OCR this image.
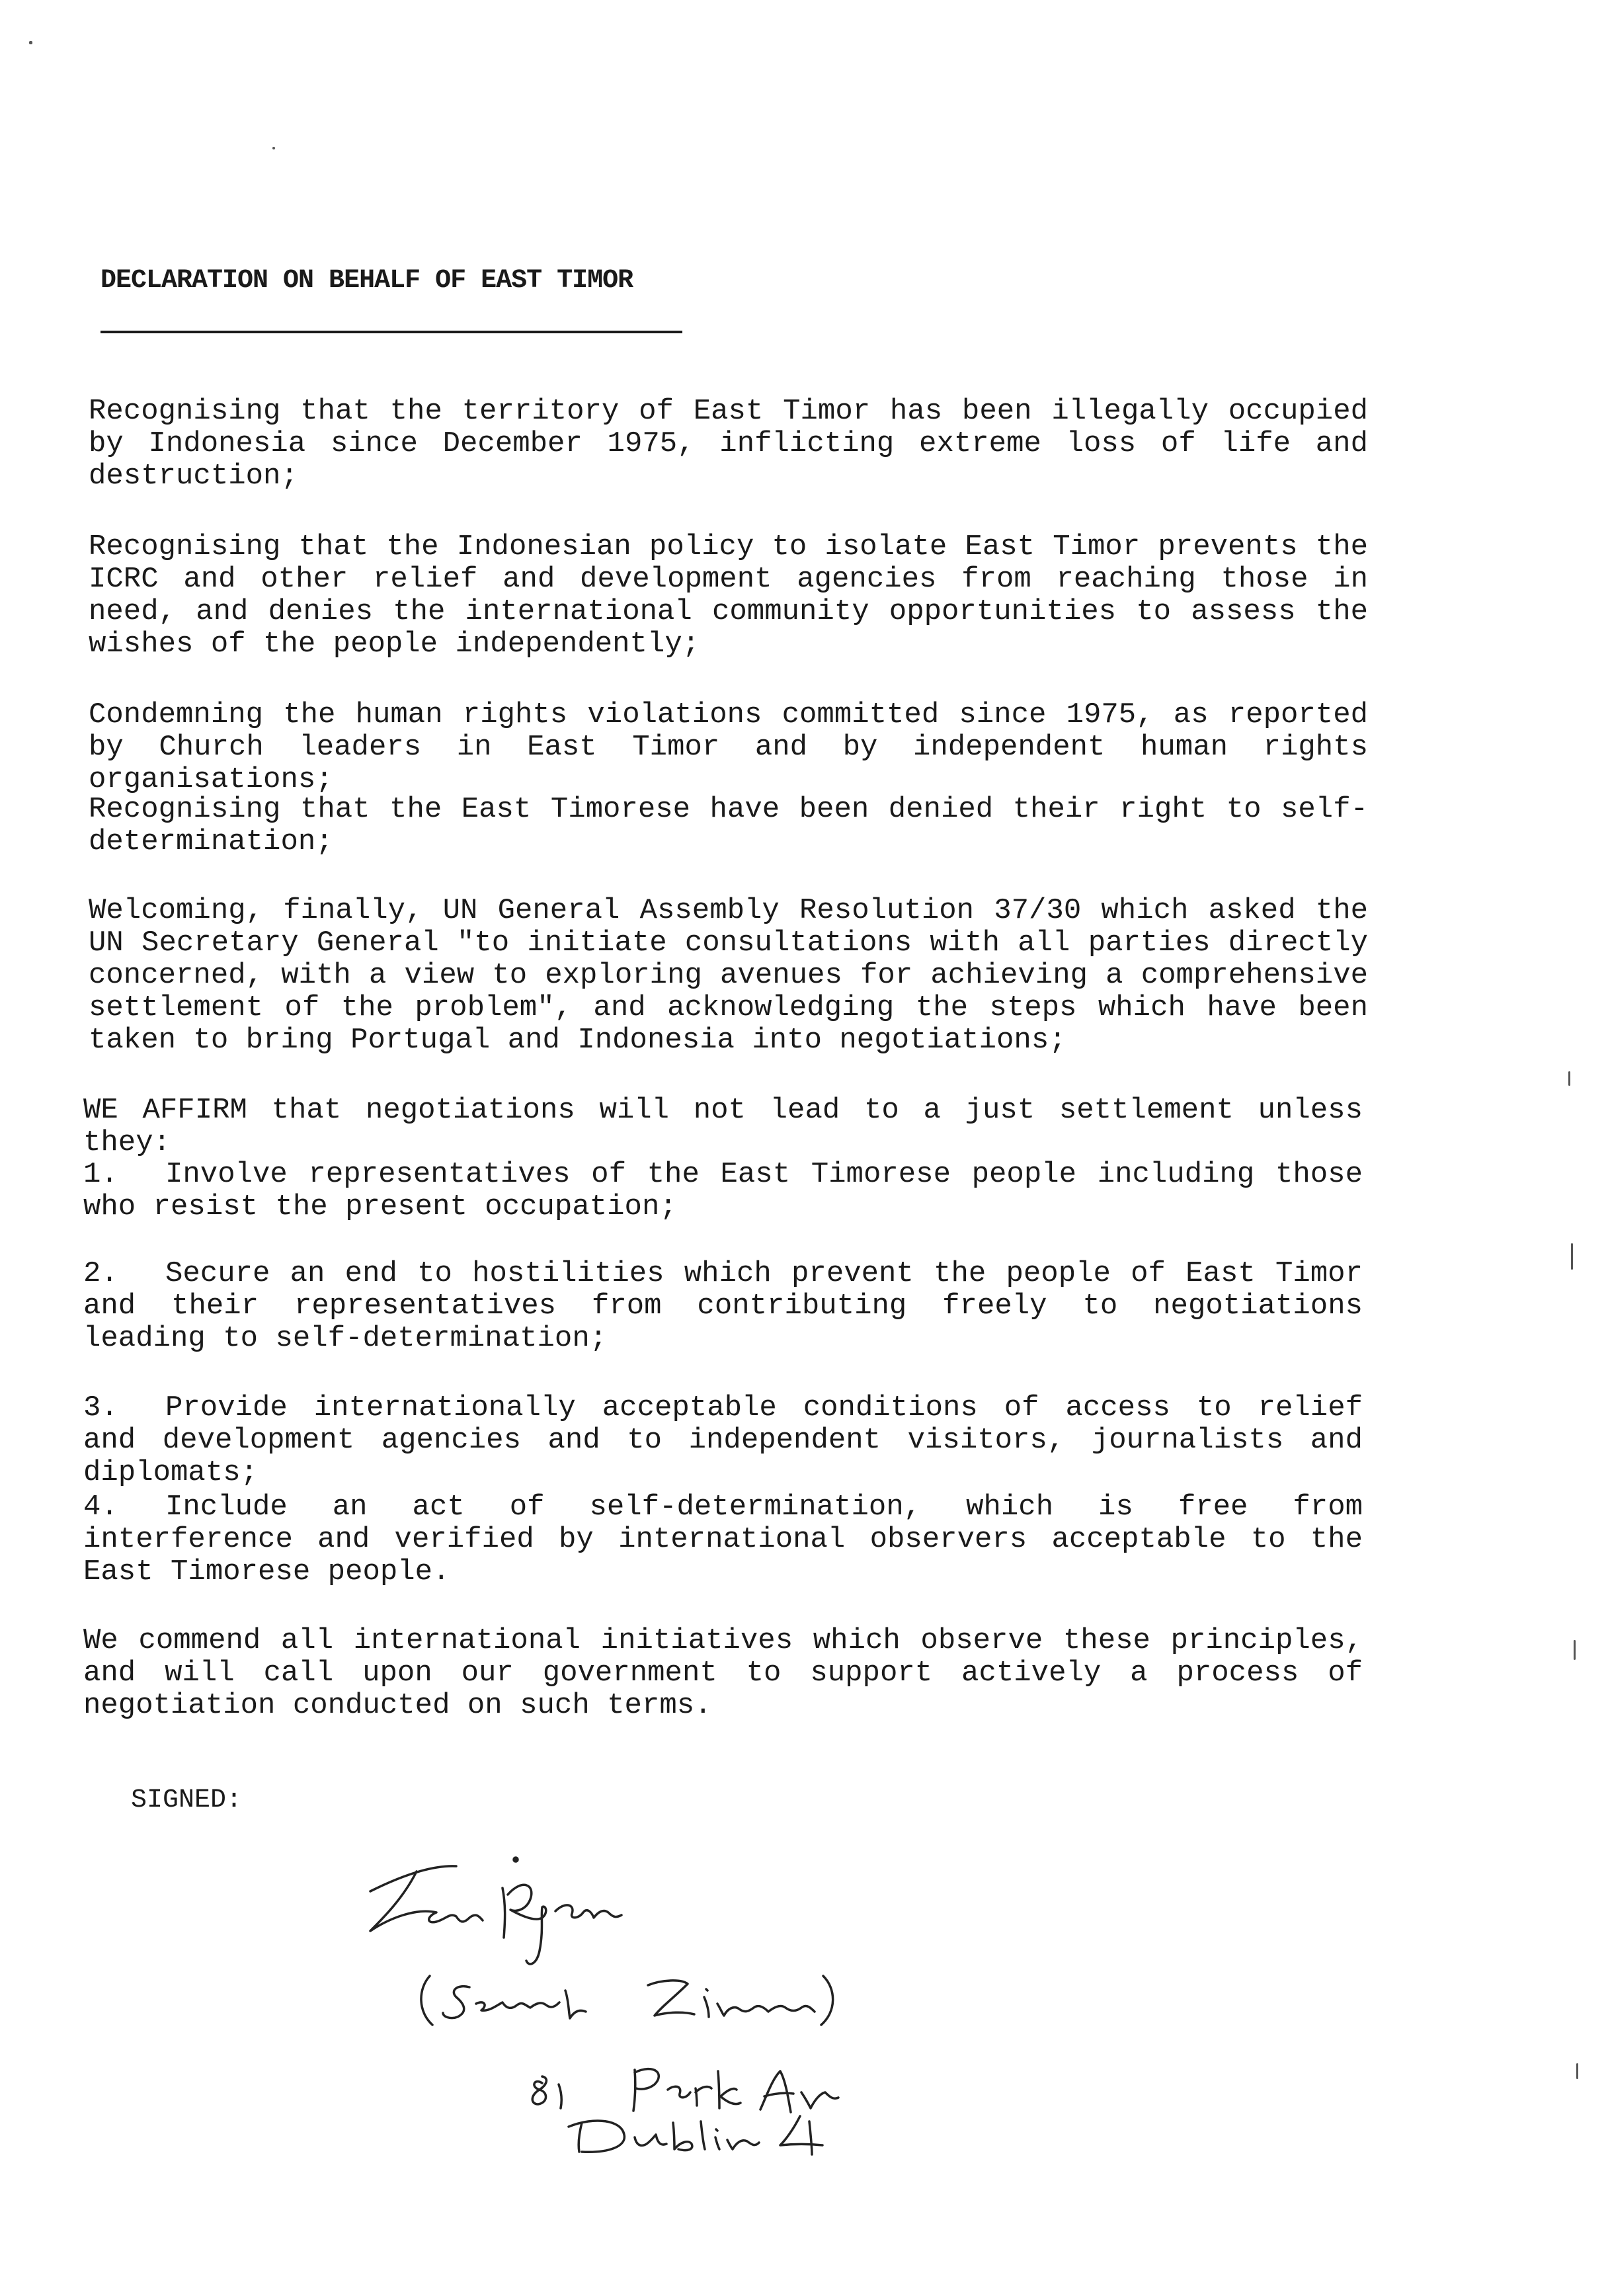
DECLARATION ON BEHALF OF EAST TIMOR

Recognising that the territory of East Timor has been illegally occupied by Indonesia since December 1975, inflicting extreme loss of life and destruction;

Recognising that the Indonesian policy to isolate East Timor prevents the ICRC and other relief and development agencies from reaching those in need, and denies the international community opportunities to assess the wishes of the people independently;

Condemning the human rights violations committed since 1975, as reported by Church leaders in East Timor and by independent human rights organisations;

Recognising that the East Timorese have been denied their right to self-determination;

Welcoming, finally, UN General Assembly Resolution 37/30 which asked the UN Secretary General "to initiate consultations with all parties directly concerned, with a view to exploring avenues for achieving a comprehensive settlement of the problem", and acknowledging the steps which have been taken to bring Portugal and Indonesia into negotiations;

WE AFFIRM that negotiations will not lead to a just settlement unless they:

1. Involve representatives of the East Timorese people including those who resist the present occupation;

2. Secure an end to hostilities which prevent the people of East Timor and their representatives from contributing freely to negotiations leading to self-determination;

3. Provide internationally acceptable conditions of access to relief and development agencies and to independent visitors, journalists and diplomats;

4. Include an act of self-determination, which is free from interference and verified by international observers acceptable to the East Timorese people.

We commend all international initiatives which observe these principles, and will call upon our government to support actively a process of negotiation conducted on such terms.

SIGNED:
